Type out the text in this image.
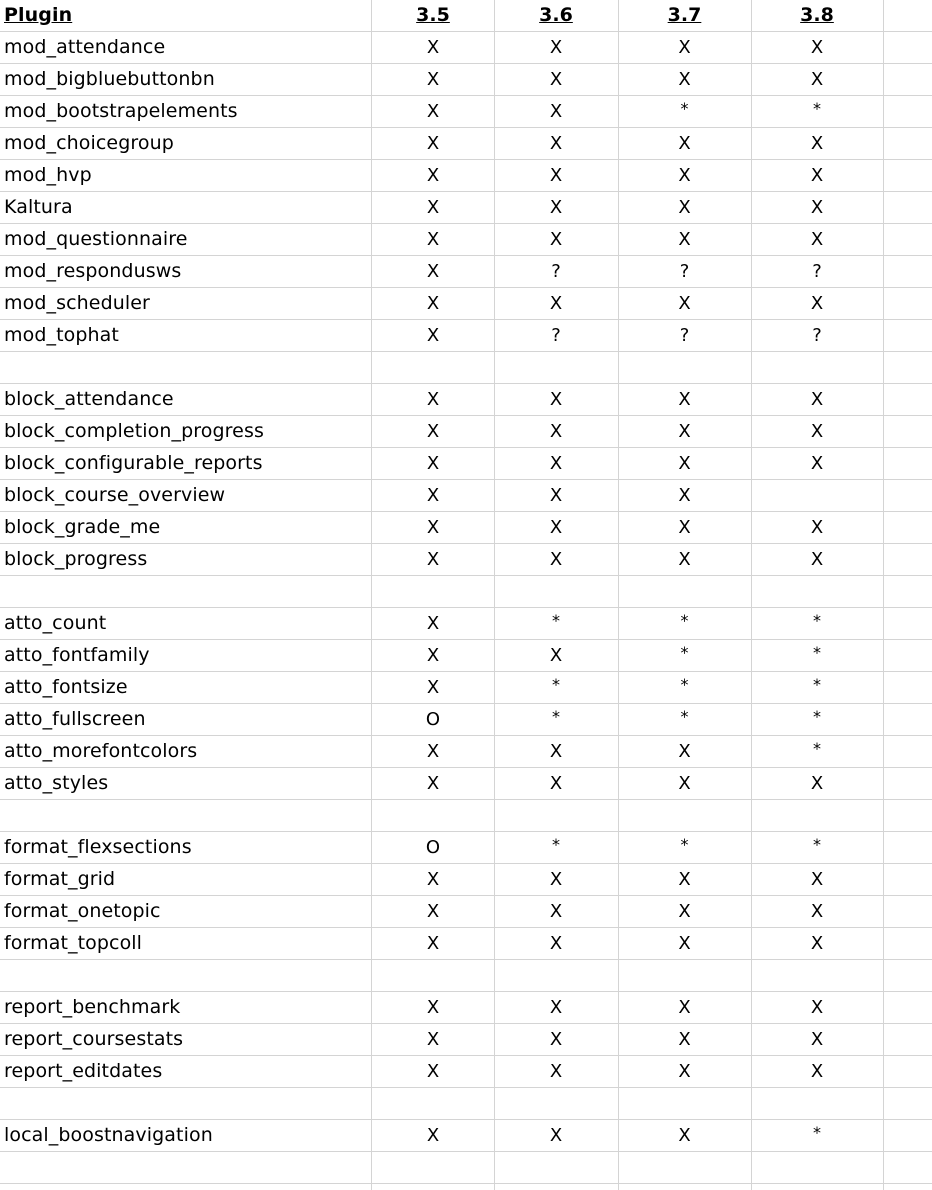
Plugin	3.5	3.6	3.7	3.8
mod_attendance	X	X	X	X
mod_bigbluebuttonbn	X	X	X	X
mod_bootstrapelements	X	X	*	*
mod_choicegroup	X	X	X	X
mod_hvp	X	X	X	X
Kaltura	X	X	X	X
mod_questionnaire	X	X	X	X
mod_respondusws	X	?	?	?
mod_scheduler	X	X	X	X
mod_tophat	X	?	?	?
block_attendance	X	X	X	X
block_completion_progress	X	X	X	X
block_configurable_reports	X	X	X	X
block_course_overview	X	X	X
block_grade_me	X	X	X	X
block_progress	X	X	X	X
atto_count	X	*	*	*
atto_fontfamily	X	X	*	*
atto_fontsize	X	*	*	*
atto_fullscreen	O	*	*	*
atto_morefontcolors	X	X	X	*
atto_styles	X	X	X	X
format_flexsections	O	*	*	*
format_grid	X	X	X	X
format_onetopic	X	X	X	X
format_topcoll	X	X	X	X
report_benchmark	X	X	X	X
report_coursestats	X	X	X	X
report_editdates	X	X	X	X
local_boostnavigation	X	X	X	*
